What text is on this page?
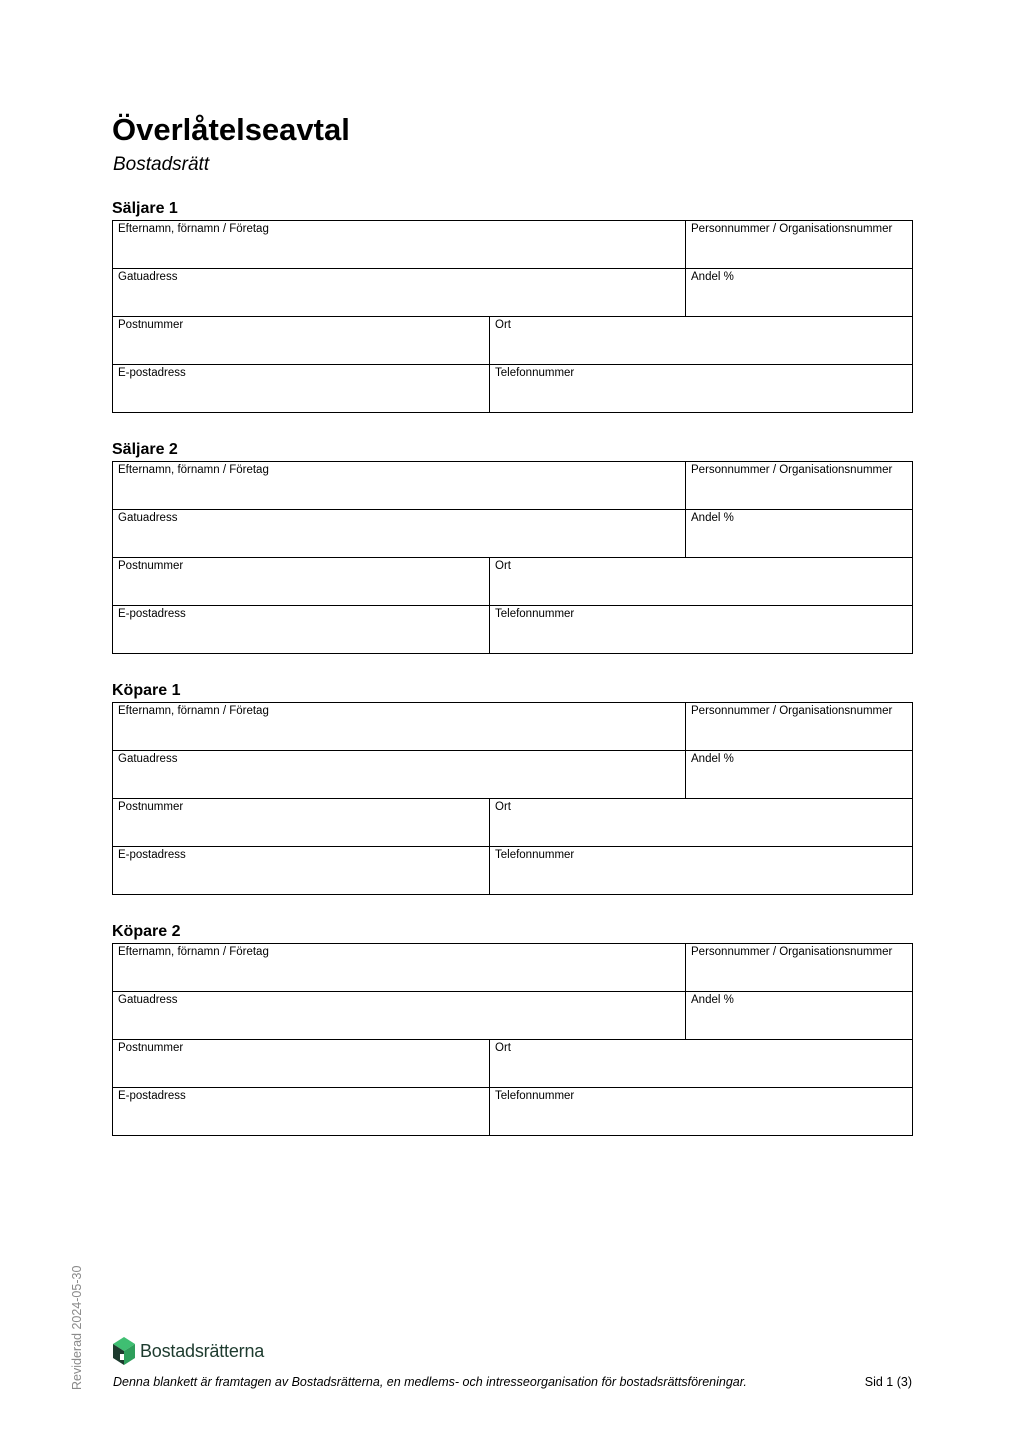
Överlåtelseavtal
Bostadsrätt
Säljare 1
Efternamn, förnamn / Företag		Personnummer / Organisationsnummer
Gatuadress		Andel %
Postnummer	Ort	
E-postadress	Telefonnummer	
Säljare 2
Efternamn, förnamn / Företag		Personnummer / Organisationsnummer
Gatuadress		Andel %
Postnummer	Ort	
E-postadress	Telefonnummer	
Köpare 1
Efternamn, förnamn / Företag		Personnummer / Organisationsnummer
Gatuadress		Andel %
Postnummer	Ort	
E-postadress	Telefonnummer	
Köpare 2
Efternamn, förnamn / Företag		Personnummer / Organisationsnummer
Gatuadress		Andel %
Postnummer	Ort	
E-postadress	Telefonnummer	
Reviderad 2024-05-30	Bostadsrätterna
Denna blankett är framtagen av Bostadsrätterna, en medlems- och intresseorganisation för bostadsrättsföreningar.	Sid 1 (3)
